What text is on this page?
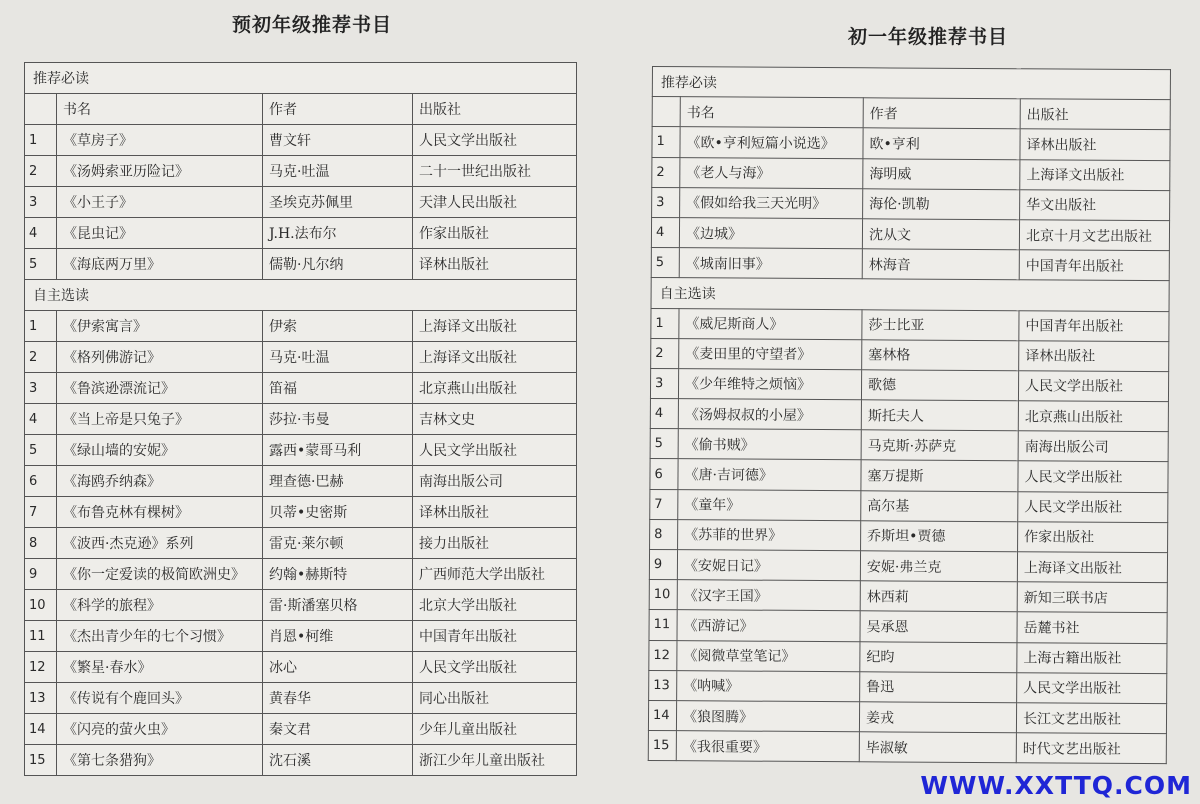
预初年级推荐书目
初一年级推荐书目
推荐必读			
	书名	作者	出版社
1	《草房子》	曹文轩	人民文学出版社
2	《汤姆索亚历险记》	马克·吐温	二十一世纪出版社
3	《小王子》	圣埃克苏佩里	天津人民出版社
4	《昆虫记》	J.H.法布尔	作家出版社
5	《海底两万里》	儒勒·凡尔纳	译林出版社
自主选读			
1	《伊索寓言》	伊索	上海译文出版社
2	《格列佛游记》	马克·吐温	上海译文出版社
3	《鲁滨逊漂流记》	笛福	北京燕山出版社
4	《当上帝是只兔子》	莎拉·韦曼	吉林文史
5	《绿山墙的安妮》	露西•蒙哥马利	人民文学出版社
6	《海鸥乔纳森》	理查德·巴赫	南海出版公司
7	《布鲁克林有棵树》	贝蒂•史密斯	译林出版社
8	《波西·杰克逊》系列	雷克·莱尔顿	接力出版社
9	《你一定爱读的极简欧洲史》	约翰•赫斯特	广西师范大学出版社
10	《科学的旅程》	雷·斯潘塞贝格	北京大学出版社
11	《杰出青少年的七个习惯》	肖恩•柯维	中国青年出版社
12	《繁星·春水》	冰心	人民文学出版社
13	《传说有个鹿回头》	黄春华	同心出版社
14	《闪亮的萤火虫》	秦文君	少年儿童出版社
15	《第七条猎狗》	沈石溪	浙江少年儿童出版社
推荐必读			
	书名	作者	出版社
1	《欧•亨利短篇小说选》	欧•亨利	译林出版社
2	《老人与海》	海明威	上海译文出版社
3	《假如给我三天光明》	海伦·凯勒	华文出版社
4	《边城》	沈从文	北京十月文艺出版社
5	《城南旧事》	林海音	中国青年出版社
自主选读			
1	《威尼斯商人》	莎士比亚	中国青年出版社
2	《麦田里的守望者》	塞林格	译林出版社
3	《少年维特之烦恼》	歌德	人民文学出版社
4	《汤姆叔叔的小屋》	斯托夫人	北京燕山出版社
5	《偷书贼》	马克斯·苏萨克	南海出版公司
6	《唐·吉诃德》	塞万提斯	人民文学出版社
7	《童年》	高尔基	人民文学出版社
8	《苏菲的世界》	乔斯坦•贾德	作家出版社
9	《安妮日记》	安妮·弗兰克	上海译文出版社
10	《汉字王国》	林西莉	新知三联书店
11	《西游记》	吴承恩	岳麓书社
12	《阅微草堂笔记》	纪昀	上海古籍出版社
13	《呐喊》	鲁迅	人民文学出版社
14	《狼图腾》	姜戎	长江文艺出版社
15	《我很重要》	毕淑敏	时代文艺出版社
WWW.XXTTQ.COM
